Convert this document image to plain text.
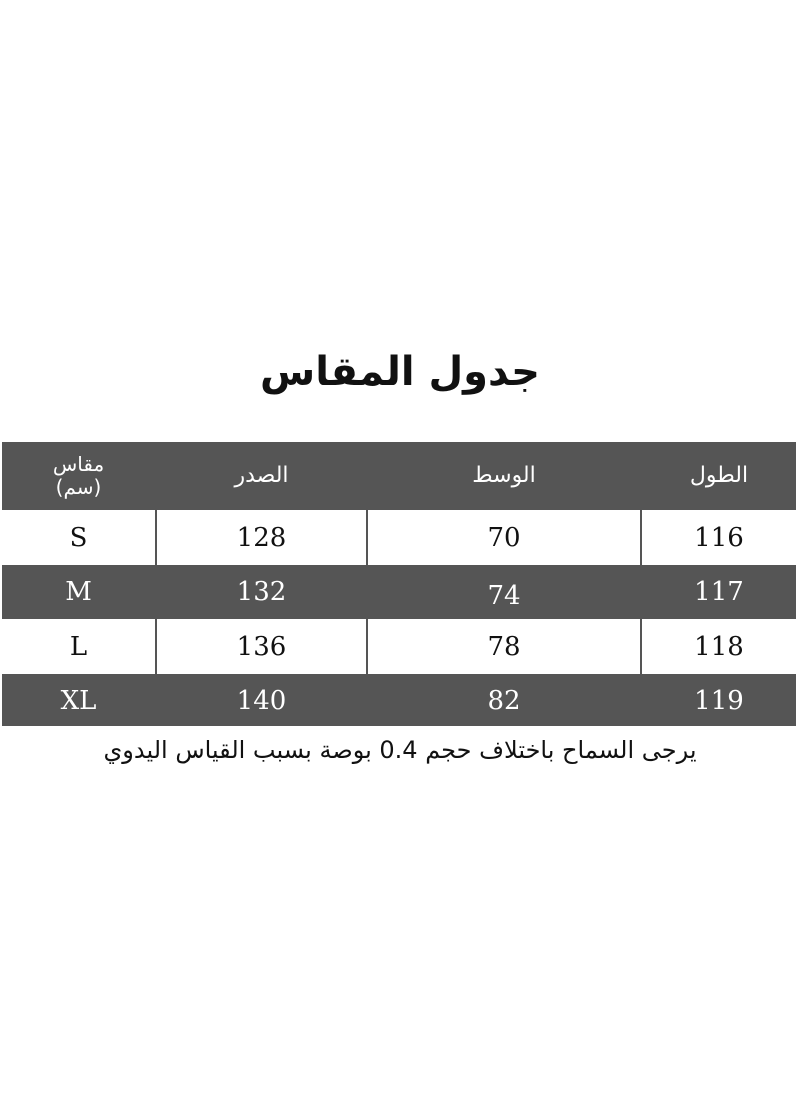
جدول المقاس
مقاس
(سم)	الصدر	الوسط	الطول
S	128	70	116
M	132	74	117
L	136	78	118
XL	140	82	119
يرجى السماح باختلاف حجم 0.4 بوصة بسبب القياس اليدوي
